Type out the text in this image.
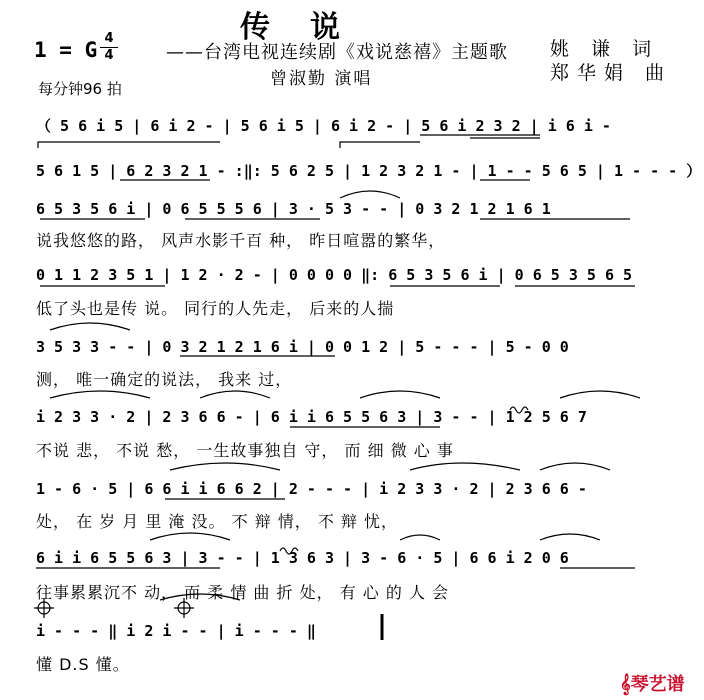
传说
1 = G 4
4	——台湾电视连续剧《戏说慈禧》主题歌 姚 谦 词
郑华娟 曲
曾淑勤 演唱
每分钟96 拍
（ 5 6 i 5 | 6 i 2 - | 5 6 i 5 | 6 i 2 - | 5 6 i 2 3 2 | i 6 i -
5 6 1 5 | 6 2 3 2 1 - :‖: 5 6 2 5 | 1 2 3 2 1 - | 1 - - 5 6 5 | 1 - - - ）
6 5 3 5 6 i | 0 6 5 5 5 6 | 3 · 5 3 - - | 0 3 2 1 2 1 6 1
0 1 1 2 3 5 1 | 1 2 · 2 - | 0 0 0 0 ‖: 6 5 3 5 6 i | 0 6 5 3 5 6 5
3 5 3 3 - - | 0 3 2 1 2 1 6 i | 0 0 1 2 | 5 - - - | 5 - 0 0
i 2 3 3 · 2 | 2 3 6 6 - | 6 i i 6 5 5 6 3 | 3 - - | 1 2 5 6 7
1 - 6 · 5 | 6 6 i i 6 6 2 | 2 - - - | i 2 3 3 · 2 | 2 3 6 6 -
6 i i 6 5 5 6 3 | 3 - - | 1 3 6 3 | 3 - 6 · 5 | 6 6 i 2 0 6
i - - - ‖ i 2 i - - | i - - - ‖
说我悠悠的路， 风声水影千百 种， 昨日喧嚣的繁华，
低了头也是传 说。 同行的人先走， 后来的人揣
测， 唯一确定的说法， 我来 过，
不说 悲， 不说 愁， 一生故事独自 守， 而 细 微 心 事
处， 在 岁 月 里 淹 没。 不 辩 情， 不 辩 忧，
往事累累沉不 动， 而 柔 情 曲 折 处， 有 心 的 人 会
懂 D.S 懂。
𝄞琴艺谱
